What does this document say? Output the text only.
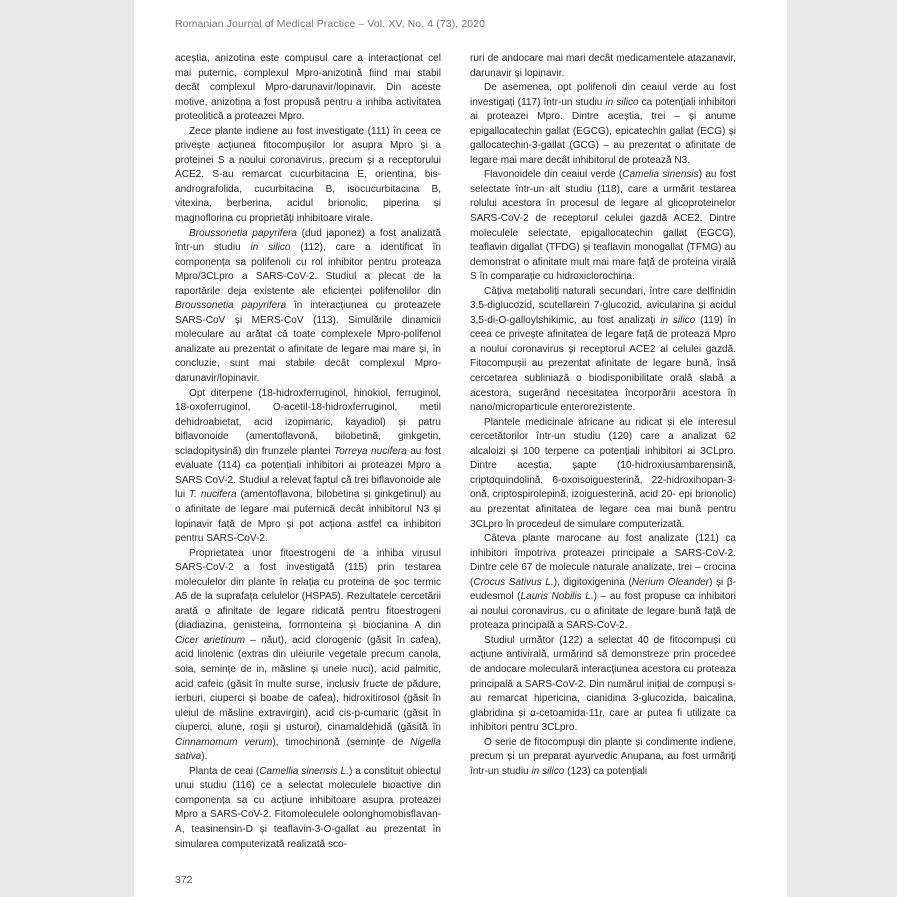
Romanian Journal of Medical Practice – Vol. XV, No. 4 (73), 2020

aceștia, anizotina este compusul care a interacționat cel mai puternic, complexul Mpro-anizotină fiind mai stabil decât complexul Mpro-darunavir/lopinavir. Din aceste motive, anizotina a fost propusă pentru a inhiba activitatea proteolitică a proteazei Mpro.

Zece plante indiene au fost investigate (111) în ceea ce privește acțiunea fitocompușilor lor asupra Mpro și a proteinei S a noului coronavirus, precum și a receptorului ACE2. S-au remarcat cucurbitacina E, orientina, bis-andrografolida, cucurbitacina B, isocucurbitacina B, vitexina, berberina, acidul brionolic, piperina și magnoflorina cu proprietăți inhibitoare virale.

Broussonetia papyrifera (dud japonez) a fost analizată într-un studiu in silico (112), care a identificat în componența sa polifenoli cu rol inhibitor pentru proteaza Mpro/3CLpro a SARS-CoV-2. Studiul a plecat de la raportările deja existente ale eficienței polifenolilor din Broussonetia papyrifera în interacțiunea cu proteazele SARS-CoV și MERS-CoV (113). Simulările dinamicii moleculare au arătat că toate complexele Mpro-polifenol analizate au prezentat o afinitate de legare mai mare și, în concluzie, sunt mai stabile decât complexul Mpro-darunavir/lopinavir.

Opt diterpene (18-hidroxferruginol, hinokiol, ferruginol, 18-oxoferruginol, O-acetil-18-hidroxferruginol, metil dehidroabietat, acid izopimaric, kayadiol) și patru biflavonoide (amentoflavonă, bilobetină, ginkgetin, sciadopitysină) din frunzele plantei Torreya nucifera au fost evaluate (114) ca potențiali inhibitori ai proteazei Mpro a SARS CoV-2. Studiul a relevat faptul că trei biflavonoide ale lui T. nucifera (amentoflavona, bilobetina și ginkgetinul) au o afinitate de legare mai puternică decât inhibitorul N3 și lopinavir față de Mpro și pot acționa astfel ca inhibitori pentru SARS-CoV-2.

Proprietatea unor fitoestrogeni de a inhiba virusul SARS-CoV-2 a fost investigată (115) prin testarea moleculelor din plante în relația cu proteina de șoc termic A5 de la suprafața celulelor (HSPA5). Rezultatele cercetării arată o afinitate de legare ridicată pentru fitoestrogeni (diadiazina, genisteina, formonteina și biocianina A din Cicer arietinum – năut), acid clorogenic (găsit în cafea), acid linolenic (extras din uleiurile vegetale precum canola, soia, semințe de in, măsline și unele nuci), acid palmitic, acid cafeic (găsit în multe surse, inclusiv fructe de pădure, ierburi, ciuperci și boabe de cafea), hidroxitirosol (găsit în uleiul de măsline extravirgin), acid cis-p-cumaric (găsit în ciuperci, alune, roșii și usturoi), cinamaldehidă (găsită în Cinnamomum verum), timochinonă (semințe de Nigella sativa).

Planta de ceai (Camellia sinensis L.) a constituit obiectul unui studiu (116) ce a selectat moleculele bioactive din componența sa cu acțiune inhibitoare asupra proteazei Mpro a SARS-CoV-2. Fitomoleculele oolonghomobisflavan-A, teasinensin-D și teaflavin-3-O-gallat au prezentat în simularea computerizată realizată sco-

ruri de andocare mai mari decât medicamentele atazanavir, darunavir și lopinavir.

De asemenea, opt polifenoli din ceaiul verde au fost investigați (117) într-un studiu in silico ca potențiali inhibitori ai proteazei Mpro. Dintre aceștia, trei – și anume epigallocatechin gallat (EGCG), epicatechin gallat (ECG) și gallocatechin-3-gallat (GCG) – au prezentat o afinitate de legare mai mare decât inhibitorul de protează N3.

Flavonoidele din ceaiul verde (Camelia sinensis) au fost selectate într-un alt studiu (118), care a urmărit testarea rolului acestora în procesul de legare al glicoproteinelor SARS-CoV-2 de receptorul celulei gazdă ACE2. Dintre moleculele selectate, epigallocatechin gallat (EGCG), teaflavin digallat (TFDG) și teaflavin monogallat (TFMG) au demonstrat o afinitate mult mai mare față de proteina virală S în comparație cu hidroxiclorochina.

Câțiva metaboliți naturali secundari, între care delfinidin 3,5-diglucozid, scutellarein 7-glucozid, avicularina și acidul 3,5-di-O-galloylshikimic, au fost analizați in silico (119) în ceea ce privește afinitatea de legare față de proteaza Mpro a noului coronavirus și receptorul ACE2 al celulei gazdă. Fitocompușii au prezentat afinitate de legare bună, însă cercetarea subliniază o biodisponibilitate orală slabă a acestora, sugerând necesitatea încorporării acestora în nano/microparticule enterorezistente.

Plantele medicinale africane au ridicat și ele interesul cercetătorilor într-un studiu (120) care a analizat 62 alcaloizi și 100 terpene ca potențiali inhibitori ai 3CLpro. Dintre aceștia, șapte (10-hidroxiusambarensină, criptoquindolină, 6-oxoisoiguesterină, 22-hidroxihopan-3-onă, criptospirolepină, izoiguesterină, acid 20- epi brionolic) au prezentat afinitatea de legare cea mai bună pentru 3CLpro în procedeul de simulare computerizată.

Câteva plante marocane au fost analizate (121) ca inhibitori împotriva proteazei principale a SARS-CoV-2. Dintre cele 67 de molecule naturale analizate, trei – crocina (Crocus Sativus L.), digitoxigenina (Nerium Oleander) și β-eudesmol (Lauris Nobilis L.) – au fost propuse ca inhibitori ai noului coronavirus, cu o afinitate de legare bună față de proteaza principală a SARS-CoV-2.

Studiul următor (122) a selectat 40 de fitocompuși cu acțiune antivirală, urmărind să demonstreze prin procedee de andocare moleculară interacțiunea acestora cu proteaza principală a SARS-CoV-2. Din numărul inițial de compuși s-au remarcat hipericina, cianidina 3-glucozida, baicalina, glabridina și α-cetoamida-11r, care ar putea fi utilizate ca inhibitori pentru 3CLpro.

O serie de fitocompuși din plante și condimente indiene, precum și un preparat ayurvedic Anupana, au fost urmăriți într-un studiu in silico (123) ca potențiali

372
